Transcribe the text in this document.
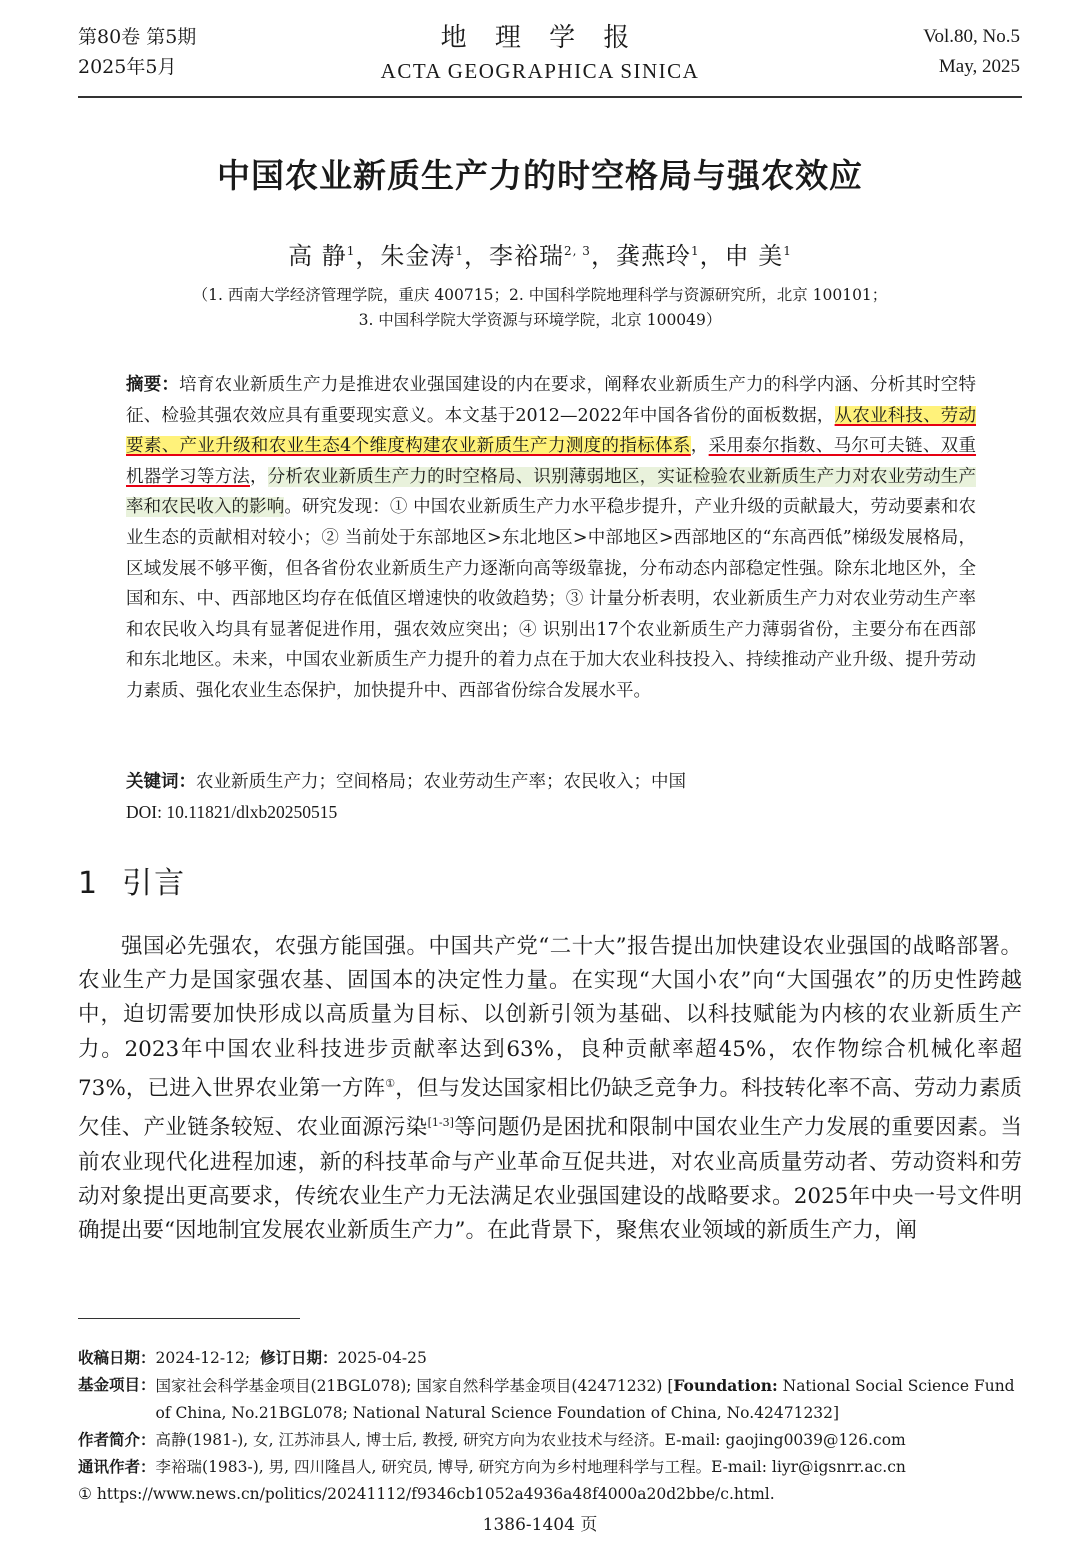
第80卷 第5期
2025年5月
地 理 学 报
ACTA GEOGRAPHICA SINICA
Vol.80, No.5
May, 2025
中国农业新质生产力的时空格局与强农效应
高 静$^1$，朱金涛$^1$，李裕瑞$^{2, 3}$，龚燕玲$^1$，申 美$^1$
（1. 西南大学经济管理学院，重庆 400715；2. 中国科学院地理科学与资源研究所，北京 100101；
3. 中国科学院大学资源与环境学院，北京 100049）
摘要：培育农业新质生产力是推进农业强国建设的内在要求，阐释农业新质生产力的科学内涵、分析其时空特征、检验其强农效应具有重要现实意义。本文基于2012—2022年中国各省份的面板数据，从农业科技、劳动要素、产业升级和农业生态4个维度构建农业新质生产力测度的指标体系，采用泰尔指数、马尔可夫链、双重机器学习等方法，分析农业新质生产力的时空格局、识别薄弱地区，实证检验农业新质生产力对农业劳动生产率和农民收入的影响。研究发现：① 中国农业新质生产力水平稳步提升，产业升级的贡献最大，劳动要素和农业生态的贡献相对较小；② 当前处于东部地区>东北地区>中部地区>西部地区的“东高西低”梯级发展格局，区域发展不够平衡，但各省份农业新质生产力逐渐向高等级靠拢，分布动态内部稳定性强。除东北地区外，全国和东、中、西部地区均存在低值区增速快的收敛趋势；③ 计量分析表明，农业新质生产力对农业劳动生产率和农民收入均具有显著促进作用，强农效应突出；④ 识别出17个农业新质生产力薄弱省份，主要分布在西部和东北地区。未来，中国农业新质生产力提升的着力点在于加大农业科技投入、持续推动产业升级、提升劳动力素质、强化农业生态保护，加快提升中、西部省份综合发展水平。
关键词：农业新质生产力；空间格局；农业劳动生产率；农民收入；中国
DOI: 10.11821/dlxb20250515
1 引言

强国必先强农，农强方能国强。中国共产党“二十大”报告提出加快建设农业强国的战略部署。农业生产力是国家强农基、固国本的决定性力量。在实现“大国小农”向“大国强农”的历史性跨越中，迫切需要加快形成以高质量为目标、以创新引领为基础、以科技赋能为内核的农业新质生产力。2023年中国农业科技进步贡献率达到63%，良种贡献率超45%，农作物综合机械化率超73%，已进入世界农业第一方阵①，但与发达国家相比仍缺乏竞争力。科技转化率不高、劳动力素质欠佳、产业链条较短、农业面源污染[1-3]等问题仍是困扰和限制中国农业生产力发展的重要因素。当前农业现代化进程加速，新的科技革命与产业革命互促共进，对农业高质量劳动者、劳动资料和劳动对象提出更高要求，传统农业生产力无法满足农业强国建设的战略要求。2025年中央一号文件明确提出要“因地制宜发展农业新质生产力”。在此背景下，聚焦农业领域的新质生产力，阐

收稿日期： 2024-12-12;
修订日期： 2025-04-25
基金项目： 国家社会科学基金项目(21BGL078); 国家自然科学基金项目(42471232) [Foundation: National Social Science Fund of China, No.21BGL078; National Natural Science Foundation of China, No.42471232]
作者简介： 高静(1981-), 女, 江苏沛县人, 博士后, 教授, 研究方向为农业技术与经济。E-mail: gaojing0039@126.com
通讯作者： 李裕瑞(1983-), 男, 四川隆昌人, 研究员, 博导, 研究方向为乡村地理科学与工程。E-mail: liyr@igsnrr.ac.cn
① https://www.news.cn/politics/20241112/f9346cb1052a4936a48f4000a20d2bbe/c.html.
1386-1404 页
